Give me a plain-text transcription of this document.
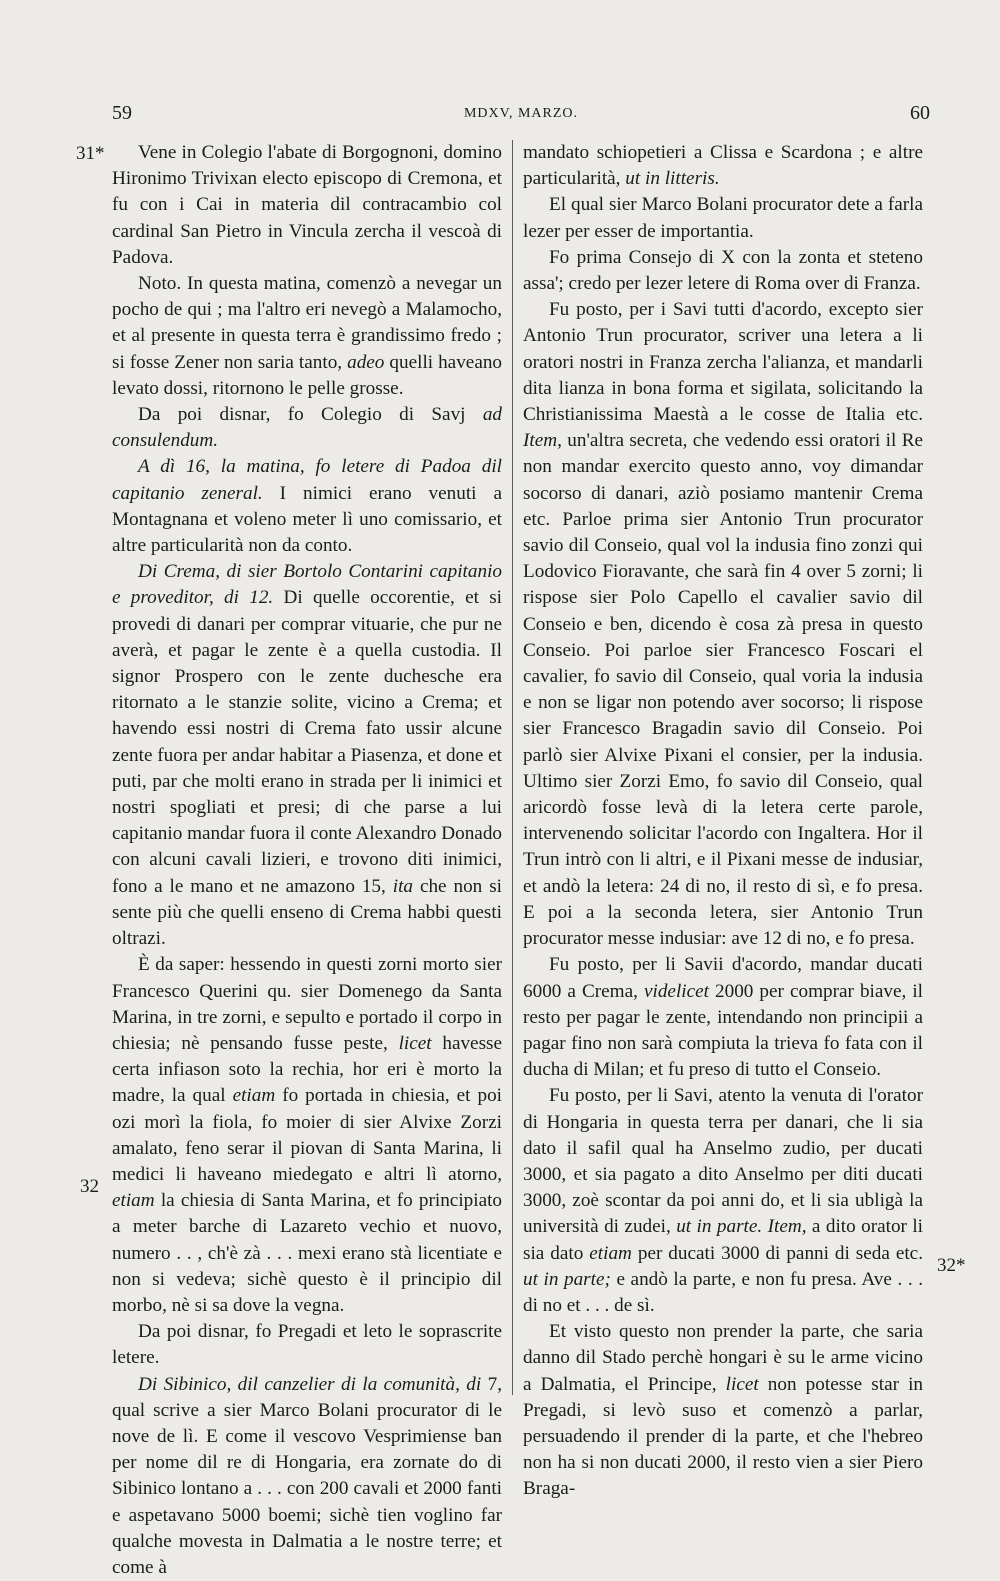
59	MDXV, MARZO.	60
31*
32
32*

Vene in Colegio l'abate di Borgognoni, domino Hironimo Trivixan electo episcopo di Cremona, et fu con i Cai in materia dil contracambio col cardinal San Pietro in Vincula zercha il vescoà di Padova.

Noto. In questa matina, comenzò a nevegar un pocho de qui ; ma l'altro eri nevegò a Malamocho, et al presente in questa terra è grandissimo fredo ; si fosse Zener non saria tanto, adeo quelli haveano levato dossi, ritornono le pelle grosse.

Da poi disnar, fo Colegio di Savj ad consulendum.

A dì 16, la matina, fo letere di Padoa dil capitanio zeneral. I nimici erano venuti a Montagnana et voleno meter lì uno comissario, et altre particularità non da conto.

Di Crema, di sier Bortolo Contarini capitanio e proveditor, di 12. Di quelle occorentie, et si provedi di danari per comprar vituarie, che pur ne averà, et pagar le zente è a quella custodia. Il signor Prospero con le zente duchesche era ritornato a le stanzie solite, vicino a Crema; et havendo essi nostri di Crema fato ussir alcune zente fuora per andar habitar a Piasenza, et done et puti, par che molti erano in strada per li inimici et nostri spogliati et presi; di che parse a lui capitanio mandar fuora il conte Alexandro Donado con alcuni cavali lizieri, e trovono diti inimici, fono a le mano et ne amazono 15, ita che non si sente più che quelli enseno di Crema habbi questi oltrazi.

È da saper: hessendo in questi zorni morto sier Francesco Querini qu. sier Domenego da Santa Marina, in tre zorni, e sepulto e portado il corpo in chiesia; nè pensando fusse peste, licet havesse certa infiason soto la rechia, hor eri è morto la madre, la qual etiam fo portada in chiesia, et poi ozi morì la fiola, fo moier di sier Alvixe Zorzi amalato, feno serar il piovan di Santa Marina, li medici li haveano miedegato e altri lì atorno, etiam la chiesia di Santa Marina, et fo principiato a meter barche di Lazareto vechio et nuovo, numero . . , ch'è zà . . . mexi erano stà licentiate e non si vedeva; sichè questo è il principio dil morbo, nè si sa dove la vegna.

Da poi disnar, fo Pregadi et leto le soprascrite letere.

Di Sibinico, dil canzelier di la comunità, di 7, qual scrive a sier Marco Bolani procurator di le nove de lì. E come il vescovo Vesprimiense ban per nome dil re di Hongaria, era zornate do di Sibinico lontano a . . . con 200 cavali et 2000 fanti e aspetavano 5000 boemi; sichè tien voglino far qualche movesta in Dalmatia a le nostre terre; et come à

mandato schiopetieri a Clissa e Scardona ; e altre particularità, ut in litteris.

El qual sier Marco Bolani procurator dete a farla lezer per esser de importantia.

Fo prima Consejo di X con la zonta et steteno assa'; credo per lezer letere di Roma over di Franza.

Fu posto, per i Savi tutti d'acordo, excepto sier Antonio Trun procurator, scriver una letera a li oratori nostri in Franza zercha l'alianza, et mandarli dita lianza in bona forma et sigilata, solicitando la Christianissima Maestà a le cosse de Italia etc. Item, un'altra secreta, che vedendo essi oratori il Re non mandar exercito questo anno, voy dimandar socorso di danari, aziò posiamo mantenir Crema etc. Parloe prima sier Antonio Trun procurator savio dil Conseio, qual vol la indusia fino zonzi qui Lodovico Fioravante, che sarà fin 4 over 5 zorni; li rispose sier Polo Capello el cavalier savio dil Conseio e ben, dicendo è cosa zà presa in questo Conseio. Poi parloe sier Francesco Foscari el cavalier, fo savio dil Conseio, qual voria la indusia e non se ligar non potendo aver socorso; li rispose sier Francesco Bragadin savio dil Conseio. Poi parlò sier Alvixe Pixani el consier, per la indusia. Ultimo sier Zorzi Emo, fo savio dil Conseio, qual aricordò fosse levà di la letera certe parole, intervenendo solicitar l'acordo con Ingaltera. Hor il Trun intrò con li altri, e il Pixani messe de indusiar, et andò la letera: 24 di no, il resto di sì, e fo presa. E poi a la seconda letera, sier Antonio Trun procurator messe indusiar: ave 12 di no, e fo presa.

Fu posto, per li Savii d'acordo, mandar ducati 6000 a Crema, videlicet 2000 per comprar biave, il resto per pagar le zente, intendando non principii a pagar fino non sarà compiuta la trieva fo fata con il ducha di Milan; et fu preso di tutto el Conseio.

Fu posto, per li Savi, atento la venuta di l'orator di Hongaria in questa terra per danari, che li sia dato il safil qual ha Anselmo zudio, per ducati 3000, et sia pagato a dito Anselmo per diti ducati 3000, zoè scontar da poi anni do, et li sia ubligà la università di zudei, ut in parte. Item, a dito orator li sia dato etiam per ducati 3000 di panni di seda etc. ut in parte; e andò la parte, e non fu presa. Ave . . . di no et . . . de sì.

Et visto questo non prender la parte, che saria danno dil Stado perchè hongari è su le arme vicino a Dalmatia, el Principe, licet non potesse star in Pregadi, si levò suso et comenzò a parlar, persuadendo il prender di la parte, et che l'hebreo non ha si non ducati 2000, il resto vien a sier Piero Braga-
